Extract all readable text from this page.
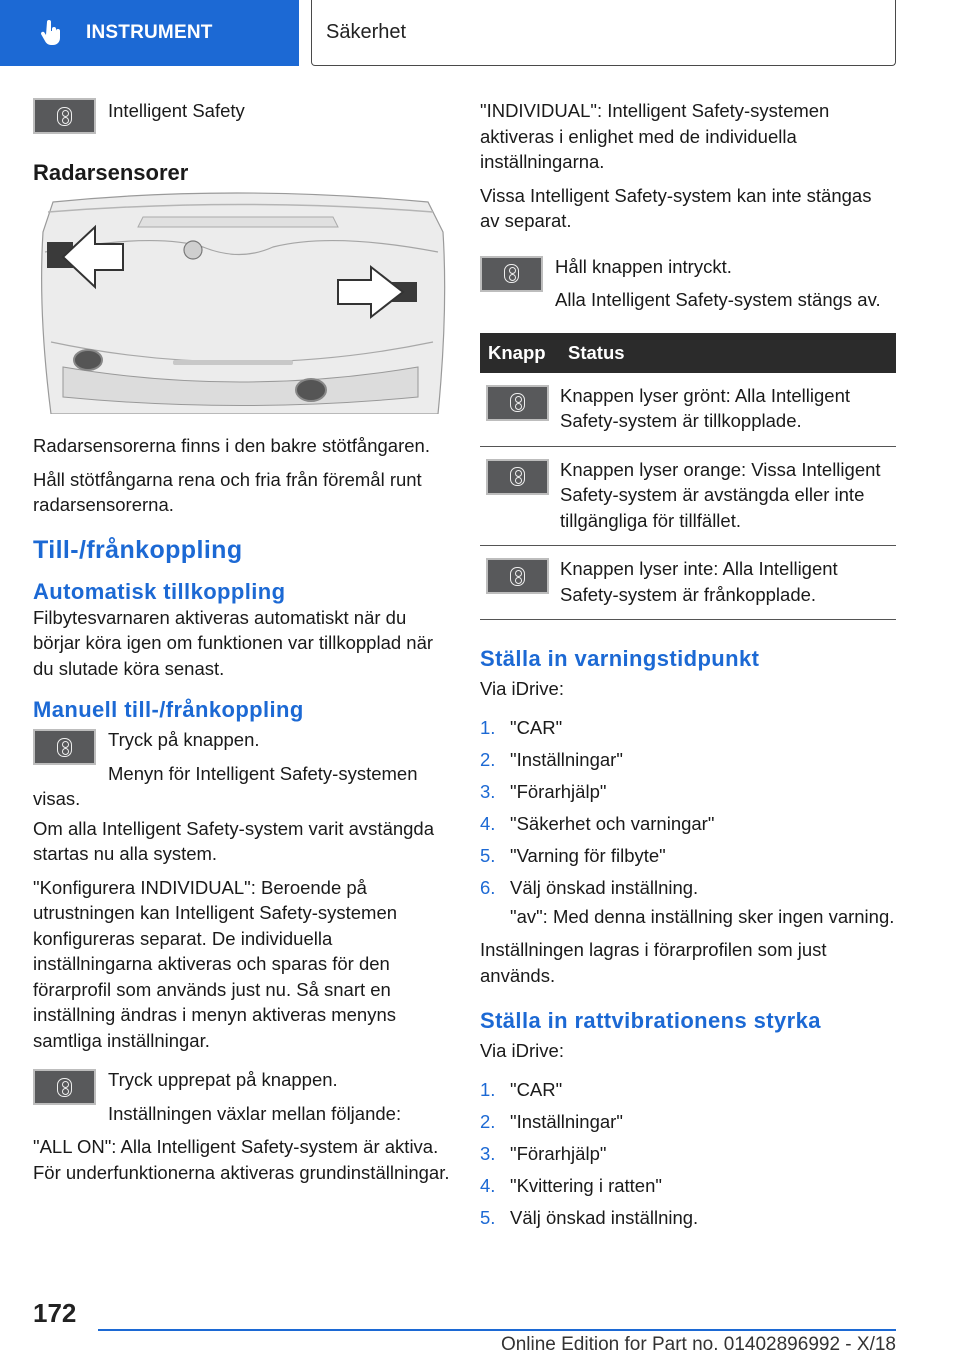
INSTRUMENT	Säkerhet

Intelligent Safety

Radarsensorer

Radarsensorerna finns i den bakre stötfångaren.

Håll stötfångarna rena och fria från föremål runt radarsensorerna.

Till-/frånkoppling
Automatisk tillkoppling

Filbytesvarnaren aktiveras automatiskt när du börjar köra igen om funktionen var tillkopplad när du slutade köra senast.

Manuell till-/frånkoppling

Tryck på knappen.

Menyn för Intelligent Safety-systemen visas.

Om alla Intelligent Safety-system varit avstängda startas nu alla system.

"Konfigurera INDIVIDUAL": Beroende på utrustningen kan Intelligent Safety-systemen konfigureras separat. De individuella inställningarna aktiveras och sparas för den förarprofil som används just nu. Så snart en inställning ändras i menyn aktiveras menyns samtliga inställningar.

Tryck upprepat på knappen.

Inställningen växlar mellan följande:

"ALL ON": Alla Intelligent Safety-system är aktiva. För underfunktionerna aktiveras grundinställningar.

"INDIVIDUAL": Intelligent Safety-systemen aktiveras i enlighet med de individuella inställningarna.

Vissa Intelligent Safety-system kan inte stängas av separat.

Håll knappen intryckt.

Alla Intelligent Safety-system stängs av.

Knapp	Status

	Knappen lyser grönt: Alla Intelligent Safety-system är tillkopplade.

	Knappen lyser orange: Vissa Intelligent Safety-system är avstängda eller inte tillgängliga för tillfället.

	Knappen lyser inte: Alla Intelligent Safety-system är frånkopplade.
Ställa in varningstidpunkt

Via iDrive:

1. "CAR"
2. "Inställningar"
3. "Förarhjälp"
4. "Säkerhet och varningar"
5. "Varning för filbyte"
6. Välj önskad inställning.

"av": Med denna inställning sker ingen varning.

Inställningen lagras i förarprofilen som just används.

Ställa in rattvibrationens styrka

Via iDrive:

1. "CAR"
2. "Inställningar"
3. "Förarhjälp"
4. "Kvittering i ratten"
5. Välj önskad inställning.
172
Online Edition for Part no. 01402896992 - X/18
